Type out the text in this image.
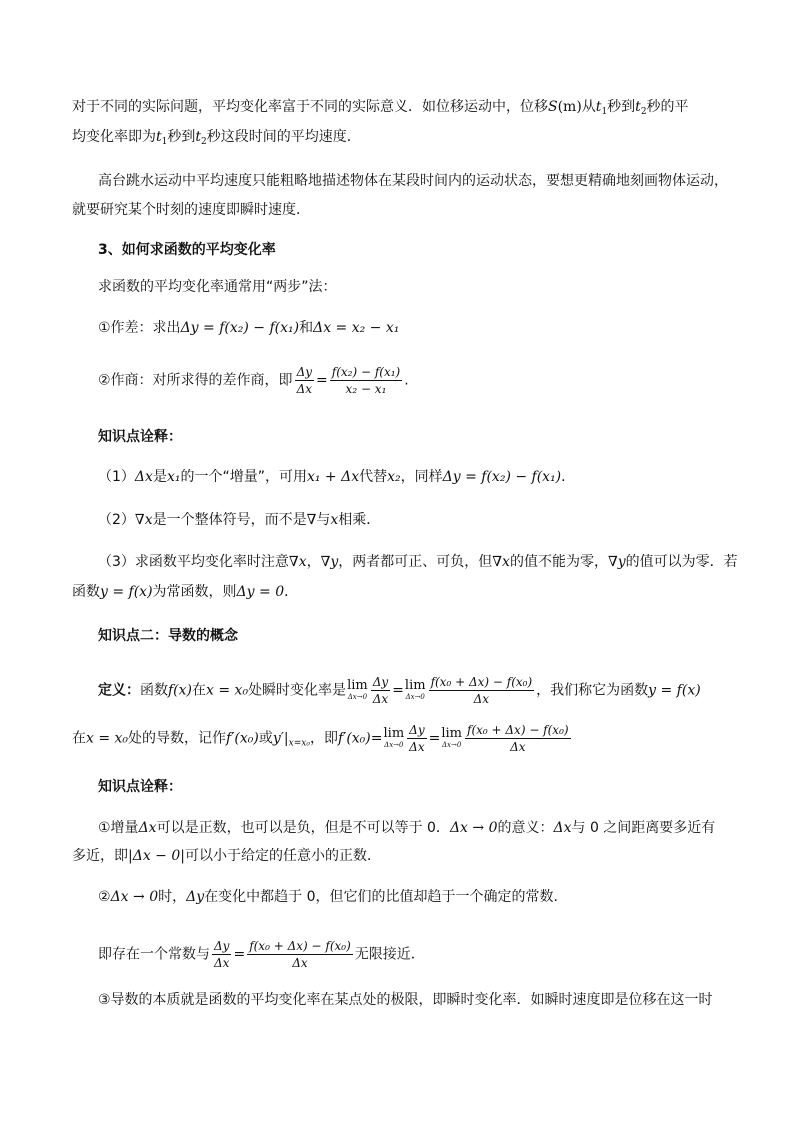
对于不同的实际问题，平均变化率富于不同的实际意义．如位移运动中，位移S(m)从$t_1$秒到$t_2$秒的平
均变化率即为$t_1$秒到$t_2$秒这段时间的平均速度．
高台跳水运动中平均速度只能粗略地描述物体在某段时间内的运动状态，要想更精确地刻画物体运动，
就要研究某个时刻的速度即瞬时速度．
3、如何求函数的平均变化率
求函数的平均变化率通常用“两步”法：
①作差：求出Δy = f(x₂) − f(x₁)和Δx = x₂ − x₁
②作商：对所求得的差作商，即 $\frac{\Delta y}{\Delta x} = \frac{\text{f(x₂) − f(x₁)}}{\text{x₂ − x₁}}$ .
知识点诠释：
（1）Δx是x₁的一个“增量”，可用x₁ + Δx代替x₂，同样Δy = f(x₂) − f(x₁)．
（2）∇x是一个整体符号，而不是∇与x相乘．
（3）求函数平均变化率时注意∇x，∇y，两者都可正、可负，但∇x的值不能为零，∇y的值可以为零．若
函数y = f(x)为常函数，则Δy = 0．
知识点二：导数的概念
定义：函数f(x)在x = x₀处瞬时变化率是 lim
$\Delta x\to 0 \frac{\Delta y}{\Delta x} = \lim$
$\Delta x\to 0 \frac{\text{f(x₀ + Δx) − f(x₀)}}{\Delta x}$ ，我们称它为函数y = f(x)
在x = x₀处的导数，记作f′(x₀)或$y'|_{x=x_0}$，即f′(x₀)= lim
$\Delta x\to 0 \frac{\Delta y}{\Delta x} = \lim$
$\Delta x\to 0 \frac{\text{f(x₀ + Δx) − f(x₀)}}{\Delta x}$
知识点诠释：
①增量Δx可以是正数，也可以是负，但是不可以等于 0．Δx → 0的意义：Δx与 0 之间距离要多近有
多近，即|Δx − 0|可以小于给定的任意小的正数．
②Δx → 0时，Δy在变化中都趋于 0，但它们的比值却趋于一个确定的常数．
即存在一个常数与 $\frac{\Delta y}{\Delta x} = \frac{\text{f(x₀ + Δx) − f(x₀)}}{\Delta x}$ 无限接近．
③导数的本质就是函数的平均变化率在某点处的极限，即瞬时变化率．如瞬时速度即是位移在这一时
